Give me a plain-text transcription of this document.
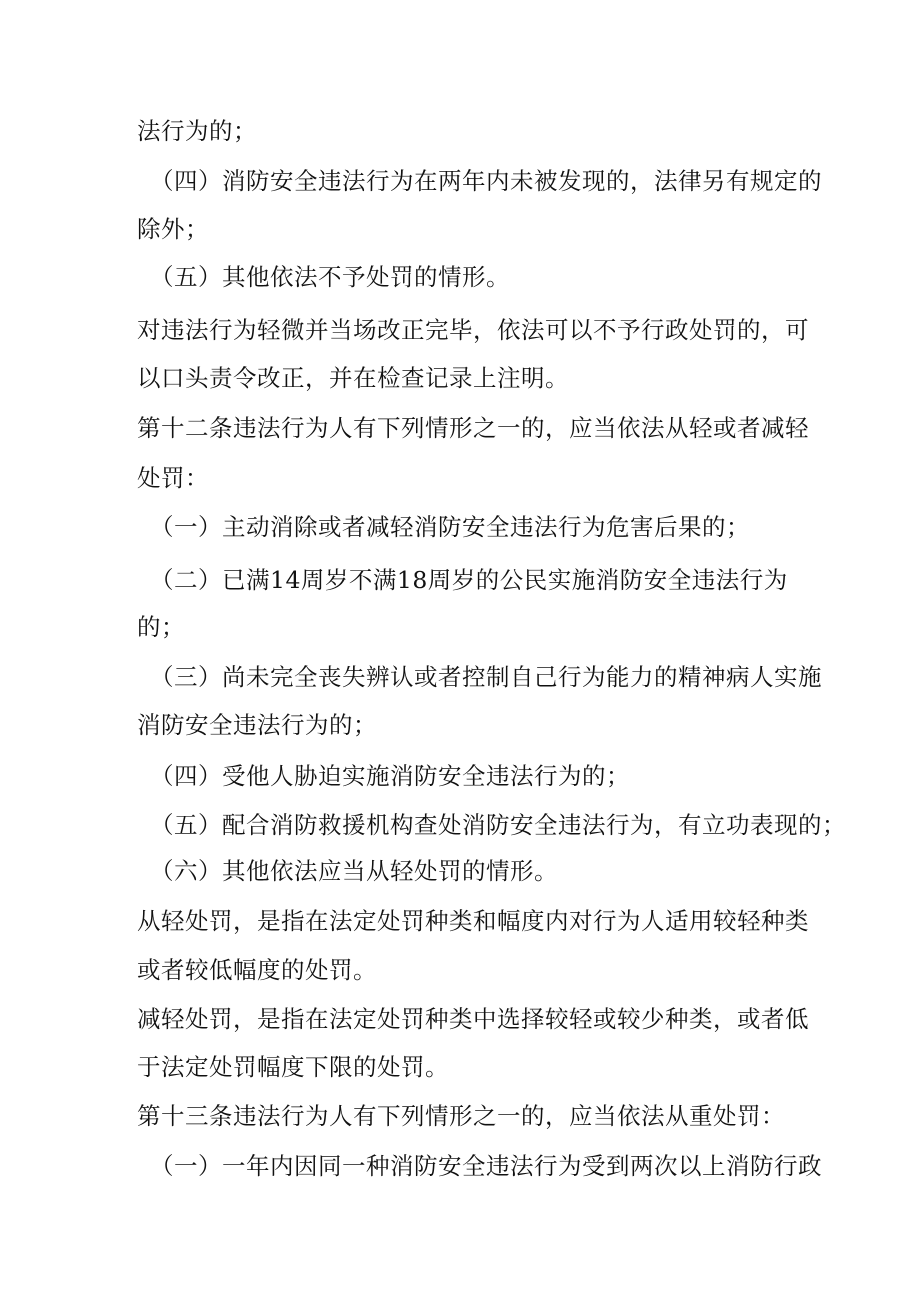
法行为的；
（四）消防安全违法行为在两年内未被发现的，法律另有规定的
除外；
（五）其他依法不予处罚的情形。
对违法行为轻微并当场改正完毕，依法可以不予行政处罚的，可
以口头责令改正，并在检查记录上注明。
第十二条违法行为人有下列情形之一的，应当依法从轻或者减轻
处罚：
（一）主动消除或者减轻消防安全违法行为危害后果的；
（二）已满14周岁不满18周岁的公民实施消防安全违法行为
的；
（三）尚未完全丧失辨认或者控制自己行为能力的精神病人实施
消防安全违法行为的；
（四）受他人胁迫实施消防安全违法行为的；
（五）配合消防救援机构查处消防安全违法行为，有立功表现的；
（六）其他依法应当从轻处罚的情形。
从轻处罚，是指在法定处罚种类和幅度内对行为人适用较轻种类
或者较低幅度的处罚。
减轻处罚，是指在法定处罚种类中选择较轻或较少种类，或者低
于法定处罚幅度下限的处罚。
第十三条违法行为人有下列情形之一的，应当依法从重处罚：
（一）一年内因同一种消防安全违法行为受到两次以上消防行政
